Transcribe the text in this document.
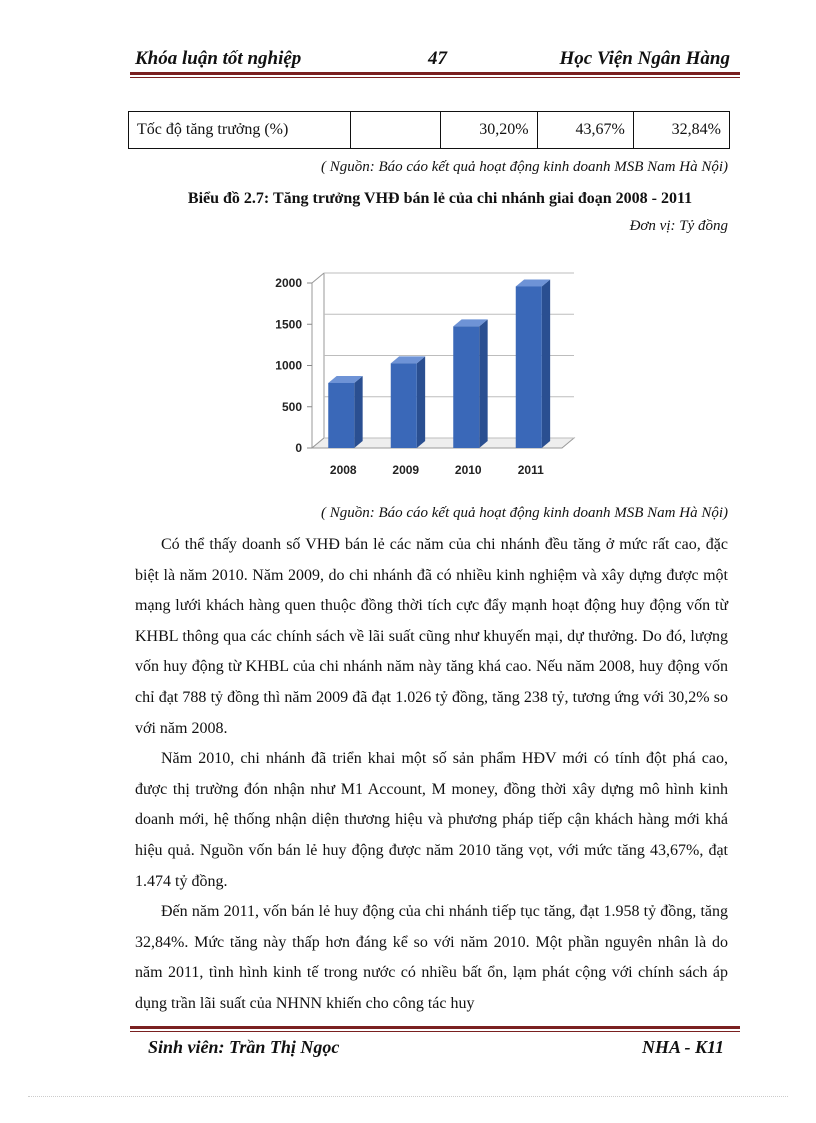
Khóa luận tốt nghiệp	47	Học Viện Ngân Hàng
Tốc độ tăng trưởng (%)		30,20%	43,67%	32,84%
( Nguồn: Báo cáo kết quả hoạt động kinh doanh MSB Nam Hà Nội)
Biểu đồ 2.7: Tăng trưởng VHĐ bán lẻ của chi nhánh giai đoạn 2008 - 2011
Đơn vị: Tỷ đồng
0
500
1000
1500
2000
2008	2009	2010	2011
( Nguồn: Báo cáo kết quả hoạt động kinh doanh MSB Nam Hà Nội)

Có thể thấy doanh số VHĐ bán lẻ các năm của chi nhánh đều tăng ở mức rất cao, đặc biệt là năm 2010. Năm 2009, do chi nhánh đã có nhiều kinh nghiệm và xây dựng được một mạng lưới khách hàng quen thuộc đồng thời tích cực đẩy mạnh hoạt động huy động vốn từ KHBL thông qua các chính sách về lãi suất cũng như khuyến mại, dự thưởng. Do đó, lượng vốn huy động từ KHBL của chi nhánh năm này tăng khá cao. Nếu năm 2008, huy động vốn chỉ đạt 788 tỷ đồng thì năm 2009 đã đạt 1.026 tỷ đồng, tăng 238 tỷ, tương ứng với 30,2% so với năm 2008.

Năm 2010, chi nhánh đã triển khai một số sản phẩm HĐV mới có tính đột phá cao, được thị trường đón nhận như M1 Account, M money, đồng thời xây dựng mô hình kinh doanh mới, hệ thống nhận diện thương hiệu và phương pháp tiếp cận khách hàng mới khá hiệu quả. Nguồn vốn bán lẻ huy động được năm 2010 tăng vọt, với mức tăng 43,67%, đạt 1.474 tỷ đồng.

Đến năm 2011, vốn bán lẻ huy động của chi nhánh tiếp tục tăng, đạt 1.958 tỷ đồng, tăng 32,84%. Mức tăng này thấp hơn đáng kể so với năm 2010. Một phần nguyên nhân là do năm 2011, tình hình kinh tế trong nước có nhiều bất ổn, lạm phát cộng với chính sách áp dụng trần lãi suất của NHNN khiến cho công tác huy

Sinh viên: Trần Thị Ngọc	NHA - K11
